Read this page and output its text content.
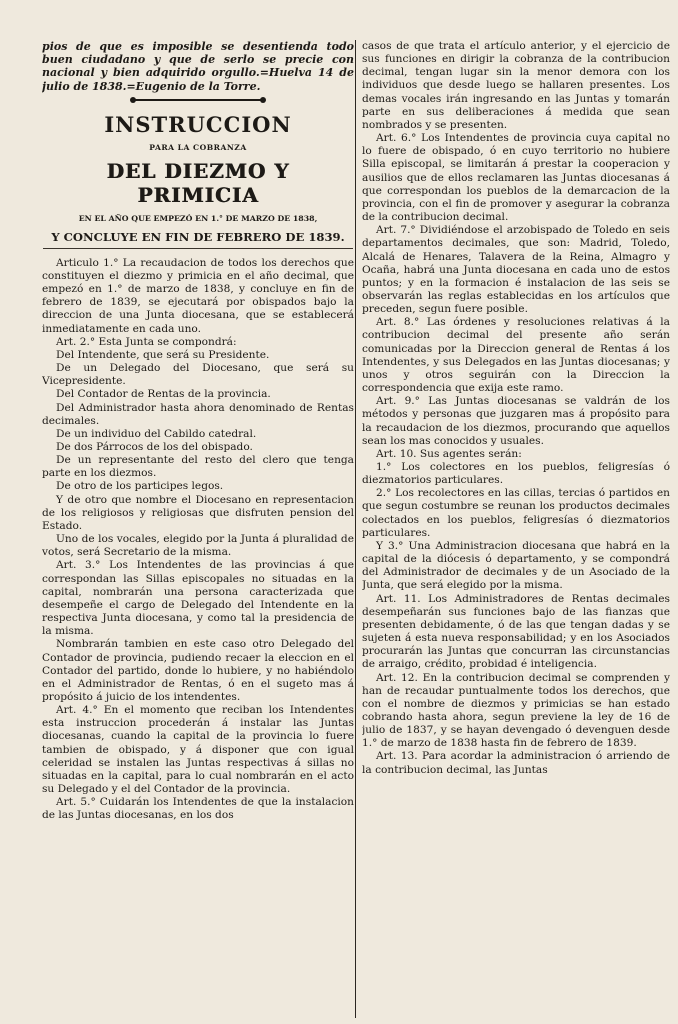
pios de que es imposible se desentienda todo buen ciudadano y que de serlo se precie con nacional y bien adquirido orgullo.=Huelva 14 de julio de 1838.=Eugenio de la Torre.

INSTRUCCION
PARA LA COBRANZA
DEL DIEZMO Y PRIMICIA
EN EL AÑO QUE EMPEZÓ EN 1.° DE MARZO DE 1838,
Y CONCLUYE EN FIN DE FEBRERO DE 1839.

Articulo 1.° La recaudacion de todos los derechos que constituyen el diezmo y primicia en el año decimal, que empezó en 1.° de marzo de 1838, y concluye en fin de febrero de 1839, se ejecutará por obispados bajo la direccion de una Junta diocesana, que se establecerá inmediatamente en cada uno.

Art. 2.° Esta Junta se compondrá:

Del Intendente, que será su Presidente.

De un Delegado del Diocesano, que será su Vicepresidente.

Del Contador de Rentas de la provincia.

Del Administrador hasta ahora denominado de Rentas decimales.

De un individuo del Cabildo catedral.

De dos Párrocos de los del obispado.

De un representante del resto del clero que tenga parte en los diezmos.

De otro de los participes legos.

Y de otro que nombre el Diocesano en representacion de los religiosos y religiosas que disfruten pension del Estado.

Uno de los vocales, elegido por la Junta á pluralidad de votos, será Secretario de la misma.

Art. 3.° Los Intendentes de las provincias á que correspondan las Sillas episcopales no situadas en la capital, nombrarán una persona caracterizada que desempeñe el cargo de Delegado del Intendente en la respectiva Junta diocesana, y como tal la presidencia de la misma.

Nombrarán tambien en este caso otro Delegado del Contador de provincia, pudiendo recaer la eleccion en el Contador del partido, donde lo hubiere, y no habiéndolo en el Administrador de Rentas, ó en el sugeto mas á propósito á juicio de los intendentes.

Art. 4.° En el momento que reciban los Intendentes esta instruccion procederán á instalar las Juntas diocesanas, cuando la capital de la provincia lo fuere tambien de obispado, y á disponer que con igual celeridad se instalen las Juntas respectivas á sillas no situadas en la capital, para lo cual nombrarán en el acto su Delegado y el del Contador de la provincia.

Art. 5.° Cuidarán los Intendentes de que la instalacion de las Juntas diocesanas, en los dos

casos de que trata el artículo anterior, y el ejercicio de sus funciones en dirigir la cobranza de la contribucion decimal, tengan lugar sin la menor demora con los individuos que desde luego se hallaren presentes. Los demas vocales irán ingresando en las Juntas y tomarán parte en sus deliberaciones á medida que sean nombrados y se presenten.

Art. 6.° Los Intendentes de provincia cuya capital no lo fuere de obispado, ó en cuyo territorio no hubiere Silla episcopal, se limitarán á prestar la cooperacion y ausilios que de ellos reclamaren las Juntas diocesanas á que correspondan los pueblos de la demarcacion de la provincia, con el fin de promover y asegurar la cobranza de la contribucion decimal.

Art. 7.° Dividiéndose el arzobispado de Toledo en seis departamentos decimales, que son: Madrid, Toledo, Alcalá de Henares, Talavera de la Reina, Almagro y Ocaña, habrá una Junta diocesana en cada uno de estos puntos; y en la formacion é instalacion de las seis se observarán las reglas establecidas en los artículos que preceden, segun fuere posible.

Art. 8.° Las órdenes y resoluciones relativas á la contribucion decimal del presente año serán comunicadas por la Direccion general de Rentas á los Intendentes, y sus Delegados en las Juntas diocesanas; y unos y otros seguirán con la Direccion la correspondencia que exija este ramo.

Art. 9.° Las Juntas diocesanas se valdrán de los métodos y personas que juzgaren mas á propósito para la recaudacion de los diezmos, procurando que aquellos sean los mas conocidos y usuales.

Art. 10. Sus agentes serán:

1.° Los colectores en los pueblos, feligresías ó diezmatorios particulares.

2.° Los recolectores en las cillas, tercias ó partidos en que segun costumbre se reunan los productos decimales colectados en los pueblos, feligresías ó diezmatorios particulares.

Y 3.° Una Administracion diocesana que habrá en la capital de la diócesis ó departamento, y se compondrá del Administrador de decimales y de un Asociado de la Junta, que será elegido por la misma.

Art. 11. Los Administradores de Rentas decimales desempeñarán sus funciones bajo de las fianzas que presenten debidamente, ó de las que tengan dadas y se sujeten á esta nueva responsabilidad; y en los Asociados procurarán las Juntas que concurran las circunstancias de arraigo, crédito, probidad é inteligencia.

Art. 12. En la contribucion decimal se comprenden y han de recaudar puntualmente todos los derechos, que con el nombre de diezmos y primicias se han estado cobrando hasta ahora, segun previene la ley de 16 de julio de 1837, y se hayan devengado ó devenguen desde 1.° de marzo de 1838 hasta fin de febrero de 1839.

Art. 13. Para acordar la administracion ó arriendo de la contribucion decimal, las Juntas
